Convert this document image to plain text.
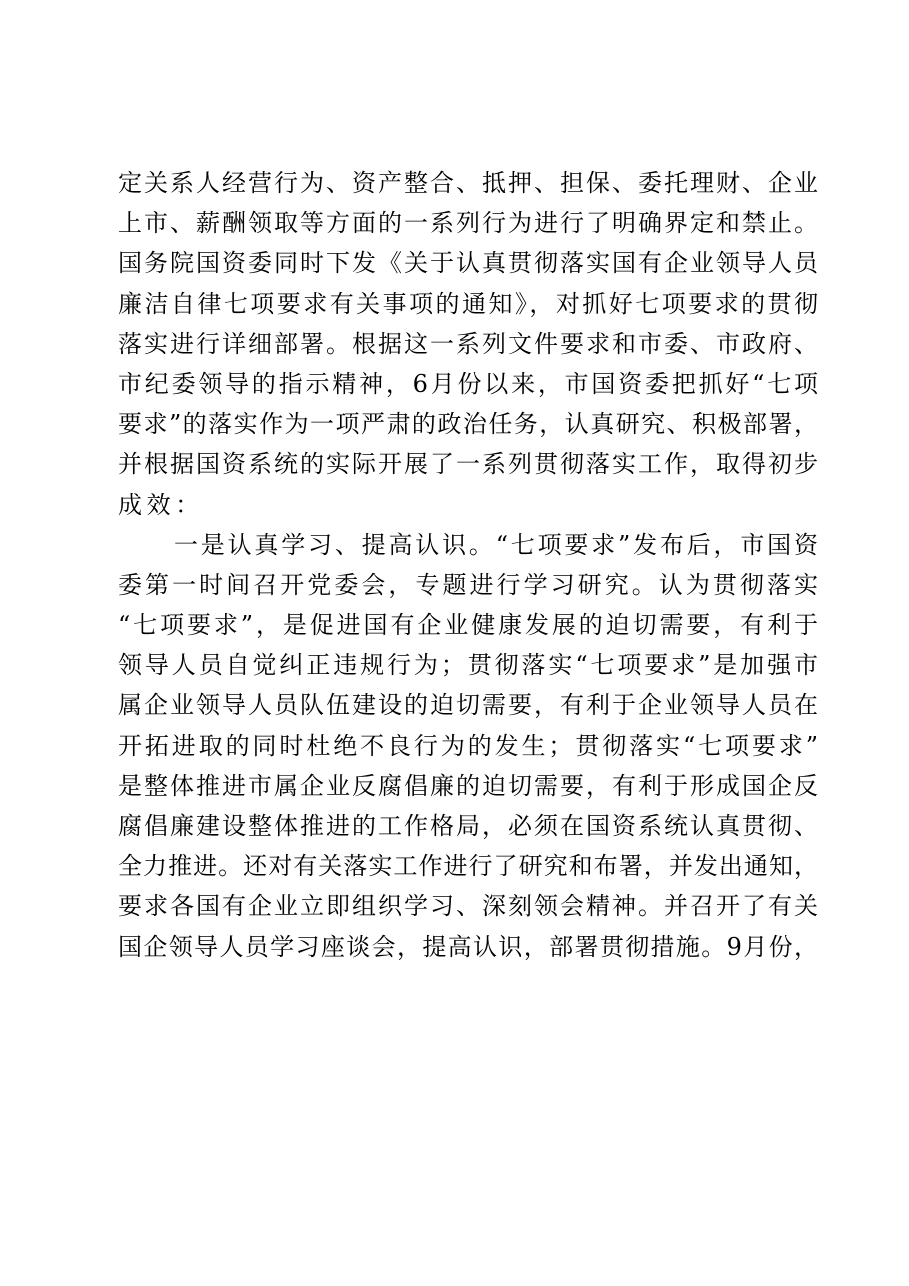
定关系人经营行为、资产整合、抵押、担保、委托理财、企业
上市、薪酬领取等方面的一系列行为进行了明确界定和禁止。
国务院国资委同时下发《关于认真贯彻落实国有企业领导人员
廉洁自律七项要求有关事项的通知》，对抓好七项要求的贯彻
落实进行详细部署。根据这一系列文件要求和市委、市政府、
市纪委领导的指示精神，6月份以来，市国资委把抓好“七项
要求”的落实作为一项严肃的政治任务，认真研究、积极部署，
并根据国资系统的实际开展了一系列贯彻落实工作，取得初步
成效：
一是认真学习、提高认识。“七项要求”发布后，市国资
委第一时间召开党委会，专题进行学习研究。认为贯彻落实
“七项要求”，是促进国有企业健康发展的迫切需要，有利于
领导人员自觉纠正违规行为；贯彻落实“七项要求”是加强市
属企业领导人员队伍建设的迫切需要，有利于企业领导人员在
开拓进取的同时杜绝不良行为的发生；贯彻落实“七项要求”
是整体推进市属企业反腐倡廉的迫切需要，有利于形成国企反
腐倡廉建设整体推进的工作格局，必须在国资系统认真贯彻、
全力推进。还对有关落实工作进行了研究和布署，并发出通知，
要求各国有企业立即组织学习、深刻领会精神。并召开了有关
国企领导人员学习座谈会，提高认识，部署贯彻措施。9月份，
